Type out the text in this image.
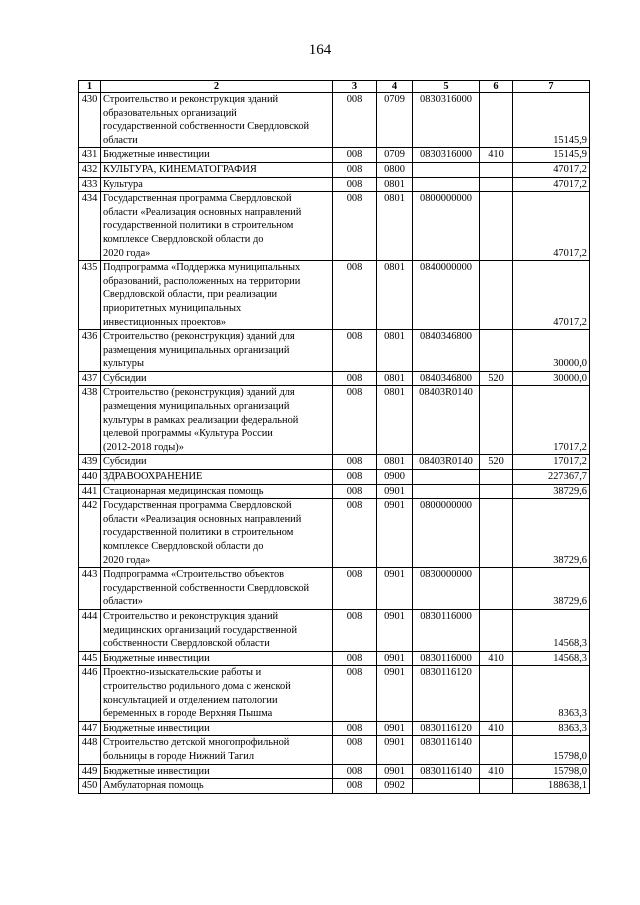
164
1	2	3	4	5	6	7
430	Строительство и реконструкция зданий
образовательных организаций
государственной собственности Свердловской
области	008	0709	0830316000		15145,9
431	Бюджетные инвестиции	008	0709	0830316000	410	15145,9
432	КУЛЬТУРА, КИНЕМАТОГРАФИЯ	008	0800			47017,2
433	Культура	008	0801			47017,2
434	Государственная программа Свердловской
области «Реализация основных направлений
государственной политики в строительном
комплексе Свердловской области до
2020 года»	008	0801	0800000000		47017,2
435	Подпрограмма «Поддержка муниципальных
образований, расположенных на территории
Свердловской области, при реализации
приоритетных муниципальных
инвестиционных проектов»	008	0801	0840000000		47017,2
436	Строительство (реконструкция) зданий для
размещения муниципальных организаций
культуры	008	0801	0840346800		30000,0
437	Субсидии	008	0801	0840346800	520	30000,0
438	Строительство (реконструкция) зданий для
размещения муниципальных организаций
культуры в рамках реализации федеральной
целевой программы «Культура России
(2012-2018 годы)»	008	0801	08403R0140		17017,2
439	Субсидии	008	0801	08403R0140	520	17017,2
440	ЗДРАВООХРАНЕНИЕ	008	0900			227367,7
441	Стационарная медицинская помощь	008	0901			38729,6
442	Государственная программа Свердловской
области «Реализация основных направлений
государственной политики в строительном
комплексе Свердловской области до
2020 года»	008	0901	0800000000		38729,6
443	Подпрограмма «Строительство объектов
государственной собственности Свердловской
области»	008	0901	0830000000		38729,6
444	Строительство и реконструкция зданий
медицинских организаций государственной
собственности Свердловской области	008	0901	0830116000		14568,3
445	Бюджетные инвестиции	008	0901	0830116000	410	14568,3
446	Проектно-изыскательские работы и
строительство родильного дома с женской
консультацией и отделением патологии
беременных в городе Верхняя Пышма	008	0901	0830116120		8363,3
447	Бюджетные инвестиции	008	0901	0830116120	410	8363,3
448	Строительство детской многопрофильной
больницы в городе Нижний Тагил	008	0901	0830116140		15798,0
449	Бюджетные инвестиции	008	0901	0830116140	410	15798,0
450	Амбулаторная помощь	008	0902			188638,1
